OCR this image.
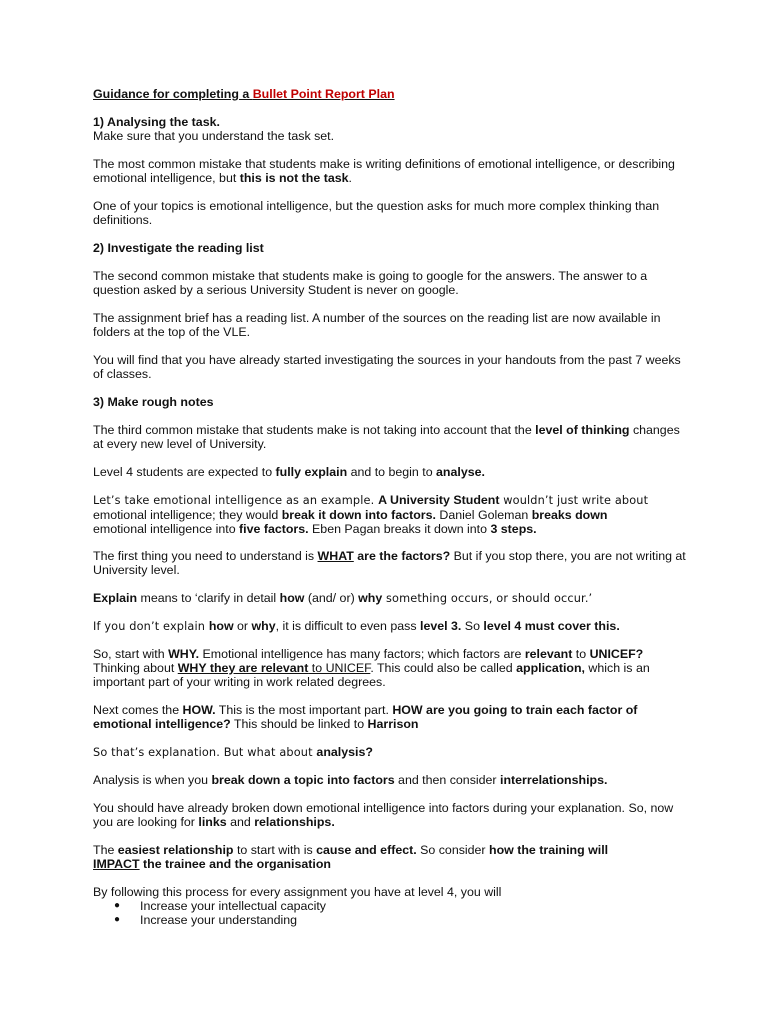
Guidance for completing a Bullet Point Report Plan

1) Analysing the task.

Make sure that you understand the task set.

The most common mistake that students make is writing definitions of emotional intelligence, or describing emotional intelligence, but this is not the task.

One of your topics is emotional intelligence, but the question asks for much more complex thinking than definitions.

2) Investigate the reading list

The second common mistake that students make is going to google for the answers. The answer to a question asked by a serious University Student is never on google.

The assignment brief has a reading list. A number of the sources on the reading list are now available in folders at the top of the VLE.

You will find that you have already started investigating the sources in your handouts from the past 7 weeks of classes.

3) Make rough notes

The third common mistake that students make is not taking into account that the level of thinking changes at every new level of University.

Level 4 students are expected to fully explain and to begin to analyse.

Let’s take emotional intelligence as an example. A University Student wouldn’t just write about
emotional intelligence; they would break it down into factors. Daniel Goleman breaks down
emotional intelligence into five factors. Eben Pagan breaks it down into 3 steps.

The first thing you need to understand is WHAT are the factors? But if you stop there, you are not writing at University level.

Explain means to ‘clarify in detail how (and/ or) why something occurs, or should occur.’

If you don’t explain how or why, it is difficult to even pass level 3. So level 4 must cover this.

So, start with WHY. Emotional intelligence has many factors; which factors are relevant to UNICEF?
Thinking about WHY they are relevant to UNICEF. This could also be called application, which is an important part of your writing in work related degrees.

Next comes the HOW. This is the most important part. HOW are you going to train each factor of emotional intelligence? This should be linked to Harrison

So that’s explanation. But what about analysis?

Analysis is when you break down a topic into factors and then consider interrelationships.

You should have already broken down emotional intelligence into factors during your explanation. So, now you are looking for links and relationships.

The easiest relationship to start with is cause and effect. So consider how the training will
IMPACT the trainee and the organisation

By following this process for every assignment you have at level 4, you will

● Increase your intellectual capacity
● Increase your understanding
